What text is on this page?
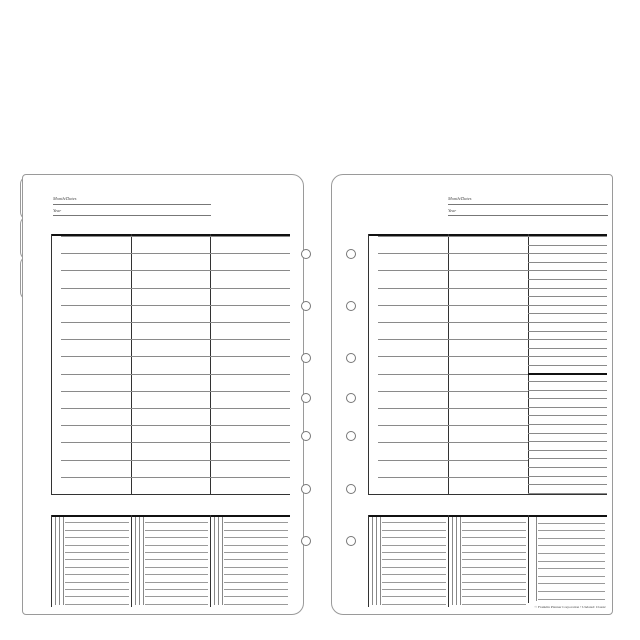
Month/Dates
Year
Month/Dates
Year
© Franklin Planner Corporation • Undated: Classic
